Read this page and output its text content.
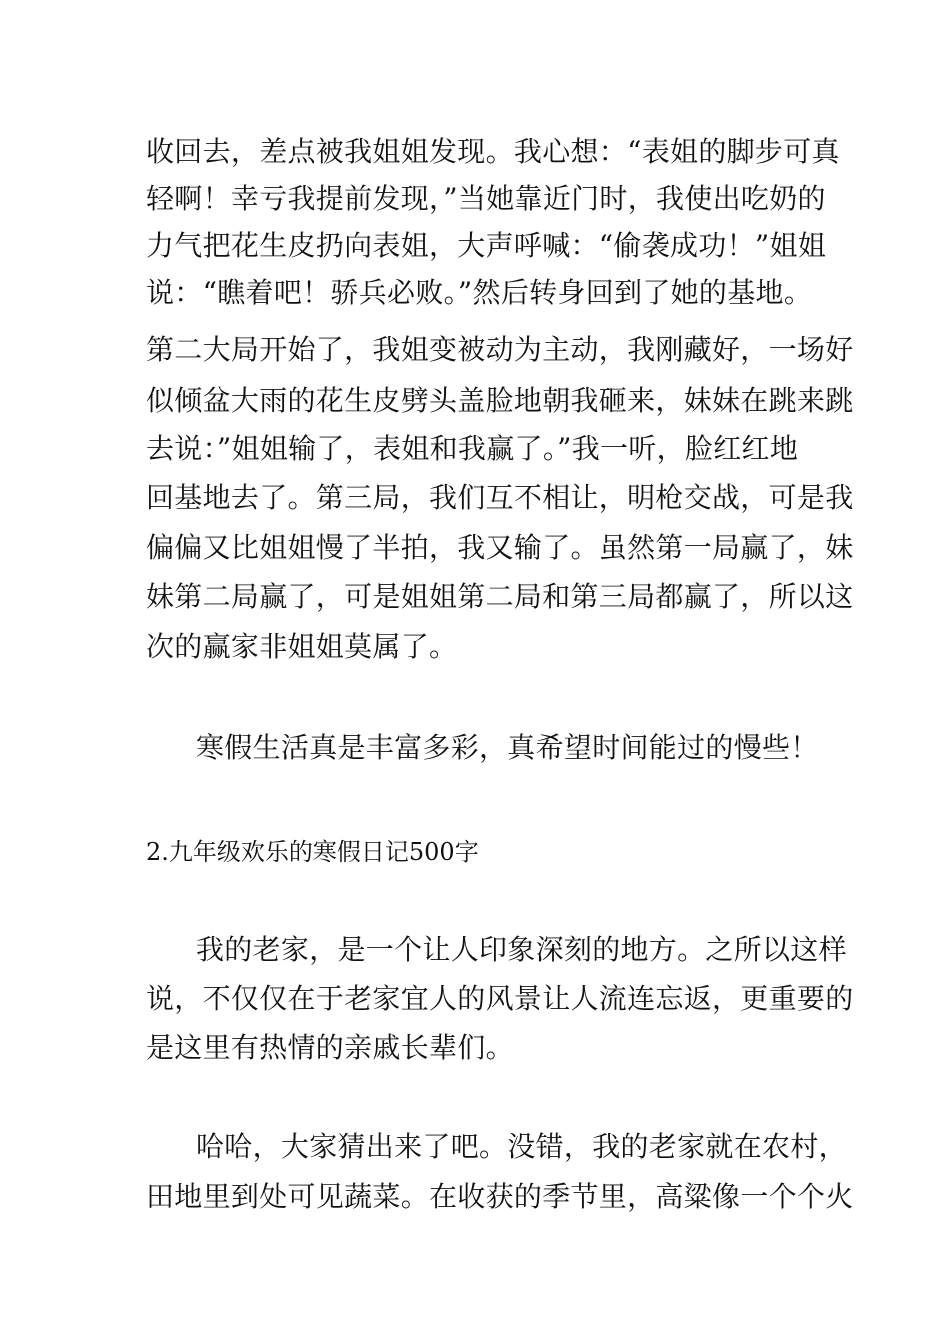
收回去，差点被我姐姐发现。我心想：“表姐的脚步可真
轻啊！幸亏我提前发现，”当她靠近门时，我使出吃奶的
力气把花生皮扔向表姐，大声呼喊：“偷袭成功！”姐姐
说：“瞧着吧！骄兵必败。”然后转身回到了她的基地。
第二大局开始了，我姐变被动为主动，我刚藏好，一场好
似倾盆大雨的花生皮劈头盖脸地朝我砸来，妹妹在跳来跳
去说：”姐姐输了，表姐和我赢了。”我一听，脸红红地
回基地去了。第三局，我们互不相让，明枪交战，可是我
偏偏又比姐姐慢了半拍，我又输了。虽然第一局赢了，妹
妹第二局赢了，可是姐姐第二局和第三局都赢了，所以这
次的赢家非姐姐莫属了。
寒假生活真是丰富多彩，真希望时间能过的慢些！
2.九年级欢乐的寒假日记500字
我的老家，是一个让人印象深刻的地方。之所以这样
说，不仅仅在于老家宜人的风景让人流连忘返，更重要的
是这里有热情的亲戚长辈们。
哈哈，大家猜出来了吧。没错，我的老家就在农村，
田地里到处可见蔬菜。在收获的季节里，高粱像一个个火
